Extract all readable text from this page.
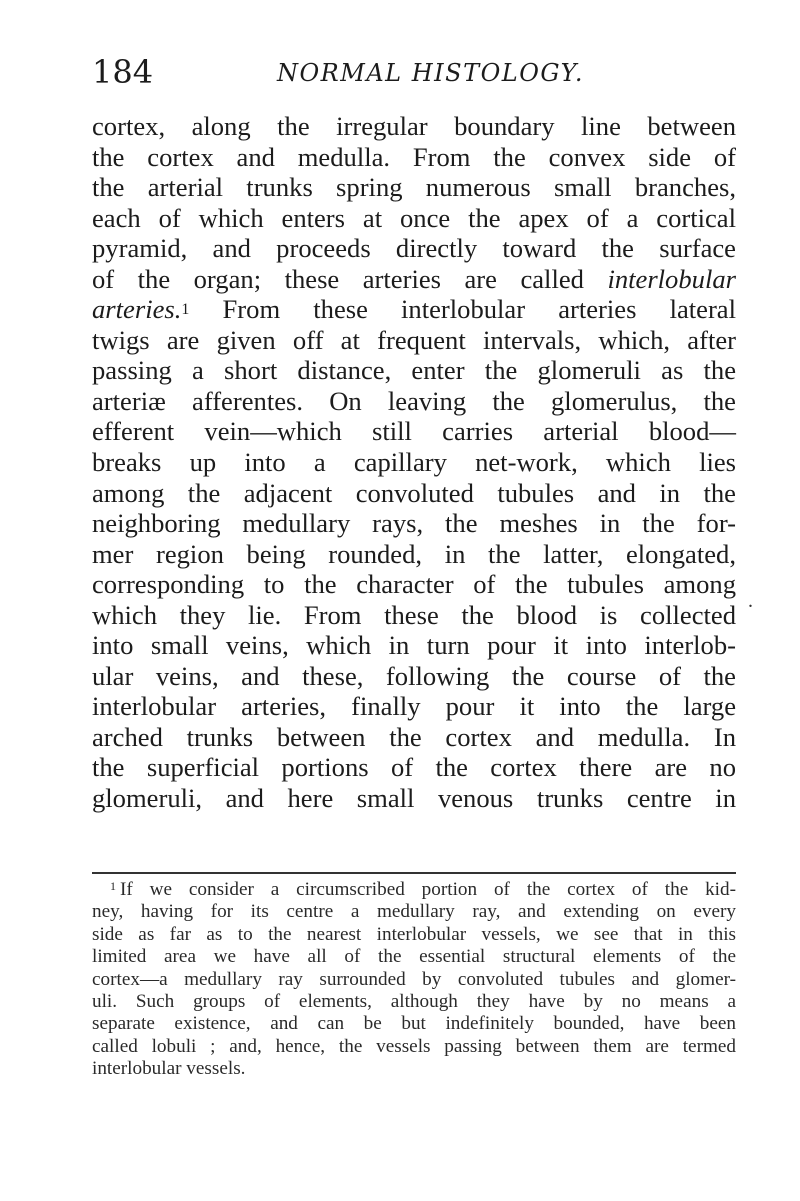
184	NORMAL HISTOLOGY.
cortex, along the irregular boundary line between
the cortex and medulla. From the convex side of
the arterial trunks spring numerous small branches,
each of which enters at once the apex of a cortical
pyramid, and proceeds directly toward the surface
of the organ; these arteries are called interlobular
arteries.$^1$ From these interlobular arteries lateral
twigs are given off at frequent intervals, which, after
passing a short distance, enter the glomeruli as the
arteriæ afferentes. On leaving the glomerulus, the
efferent vein—which still carries arterial blood—
breaks up into a capillary net-work, which lies
among the adjacent convoluted tubules and in the
neighboring medullary rays, the meshes in the for-
mer region being rounded, in the latter, elongated,
corresponding to the character of the tubules among
which they lie. From these the blood is collected
into small veins, which in turn pour it into interlob-
ular veins, and these, following the course of the
interlobular arteries, finally pour it into the large
arched trunks between the cortex and medulla. In
the superficial portions of the cortex there are no
glomeruli, and here small venous trunks centre in
.
$^1$ If we consider a circumscribed portion of the cortex of the kid-
ney, having for its centre a medullary ray, and extending on every
side as far as to the nearest interlobular vessels, we see that in this
limited area we have all of the essential structural elements of the
cortex—a medullary ray surrounded by convoluted tubules and glomer-
uli. Such groups of elements, although they have by no means a
separate existence, and can be but indefinitely bounded, have been
called lobuli ; and, hence, the vessels passing between them are termed
interlobular vessels.
